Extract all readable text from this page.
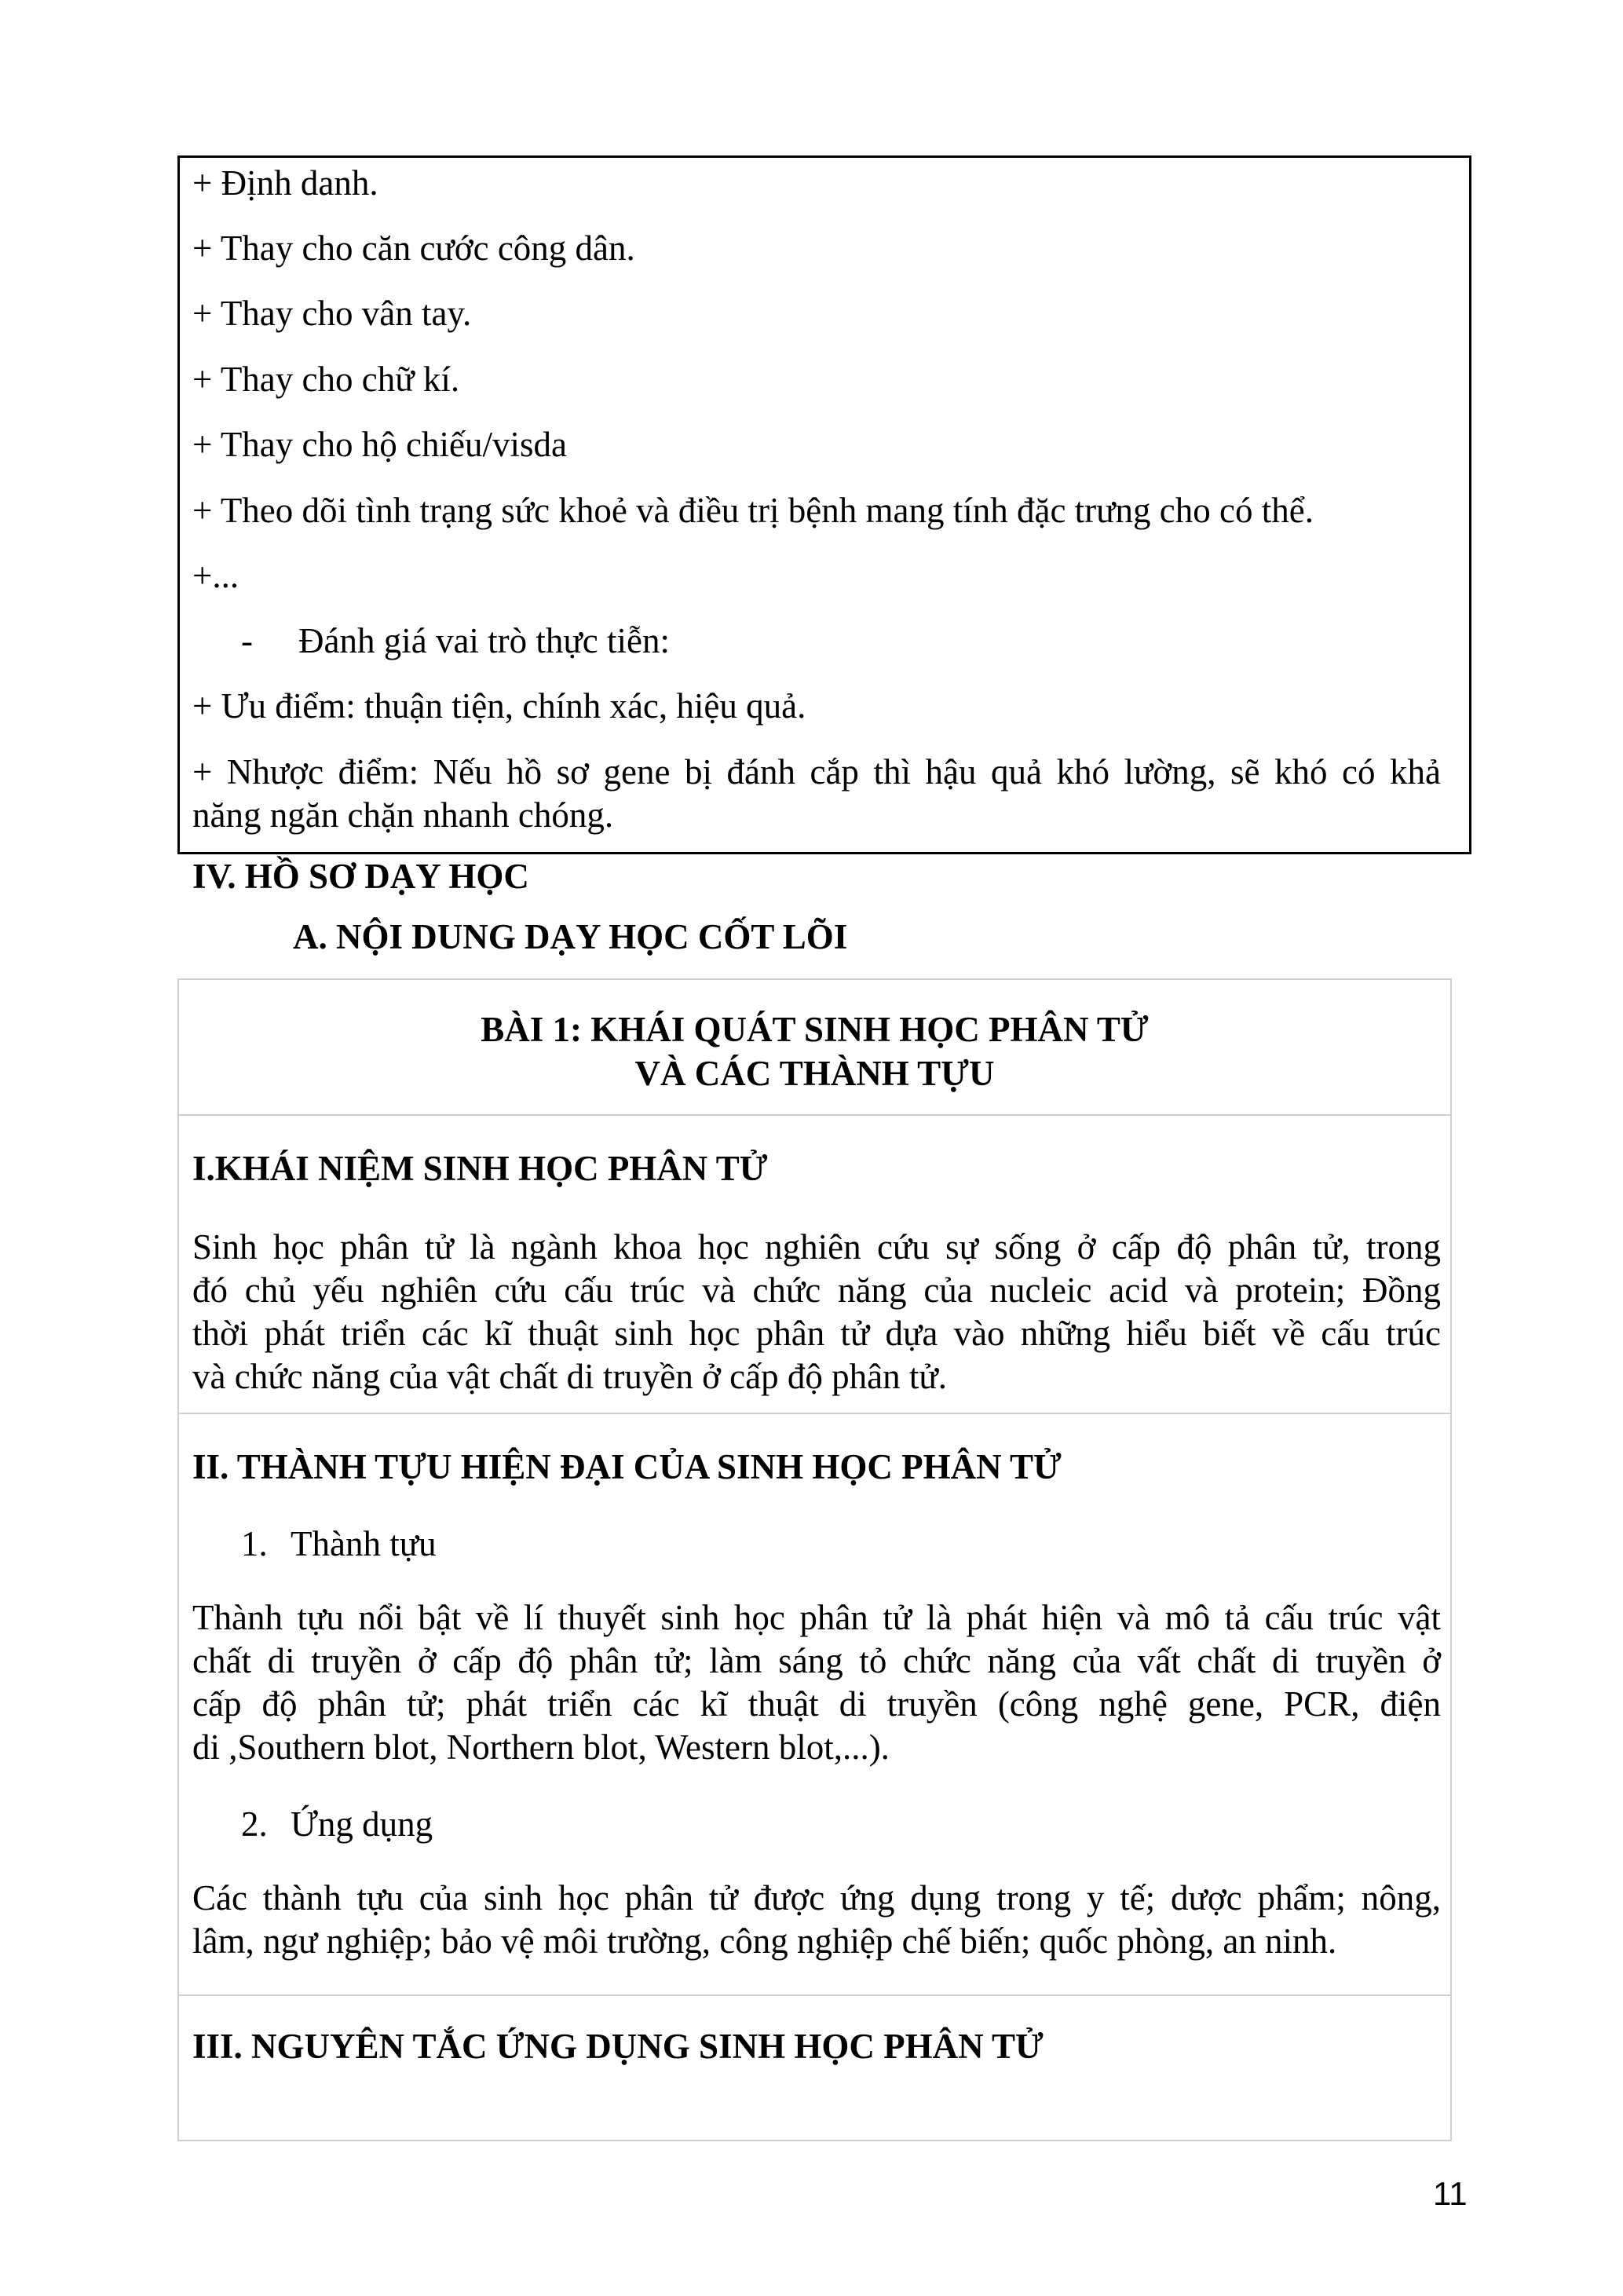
+ Định danh.
+ Thay cho căn cước công dân.
+ Thay cho vân tay.
+ Thay cho chữ kí.
+ Thay cho hộ chiếu/visda
+ Theo dõi tình trạng sức khoẻ và điều trị bệnh mang tính đặc trưng cho có thể.
+...
- Đánh giá vai trò thực tiễn:
+ Ưu điểm: thuận tiện, chính xác, hiệu quả.
+ Nhược điểm: Nếu hồ sơ gene bị đánh cắp thì hậu quả khó lường, sẽ khó có khả
năng ngăn chặn nhanh chóng.
IV. HỒ SƠ DẠY HỌC
A. NỘI DUNG DẠY HỌC CỐT LÕI
BÀI 1: KHÁI QUÁT SINH HỌC PHÂN TỬ
VÀ CÁC THÀNH TỰU
I.KHÁI NIỆM SINH HỌC PHÂN TỬ
Sinh học phân tử là ngành khoa học nghiên cứu sự sống ở cấp độ phân tử, trong
đó chủ yếu nghiên cứu cấu trúc và chức năng của nucleic acid và protein; Đồng
thời phát triển các kĩ thuật sinh học phân tử dựa vào những hiểu biết về cấu trúc
và chức năng của vật chất di truyền ở cấp độ phân tử.
II. THÀNH TỰU HIỆN ĐẠI CỦA SINH HỌC PHÂN TỬ
1. Thành tựu
Thành tựu nổi bật về lí thuyết sinh học phân tử là phát hiện và mô tả cấu trúc vật
chất di truyền ở cấp độ phân tử; làm sáng tỏ chức năng của vất chất di truyền ở
cấp độ phân tử; phát triển các kĩ thuật di truyền (công nghệ gene, PCR, điện
di ,Southern blot, Northern blot, Western blot,...).
2. Ứng dụng
Các thành tựu của sinh học phân tử được ứng dụng trong y tế; dược phẩm; nông,
lâm, ngư nghiệp; bảo vệ môi trường, công nghiệp chế biến; quốc phòng, an ninh.
III. NGUYÊN TẮC ỨNG DỤNG SINH HỌC PHÂN TỬ
11
